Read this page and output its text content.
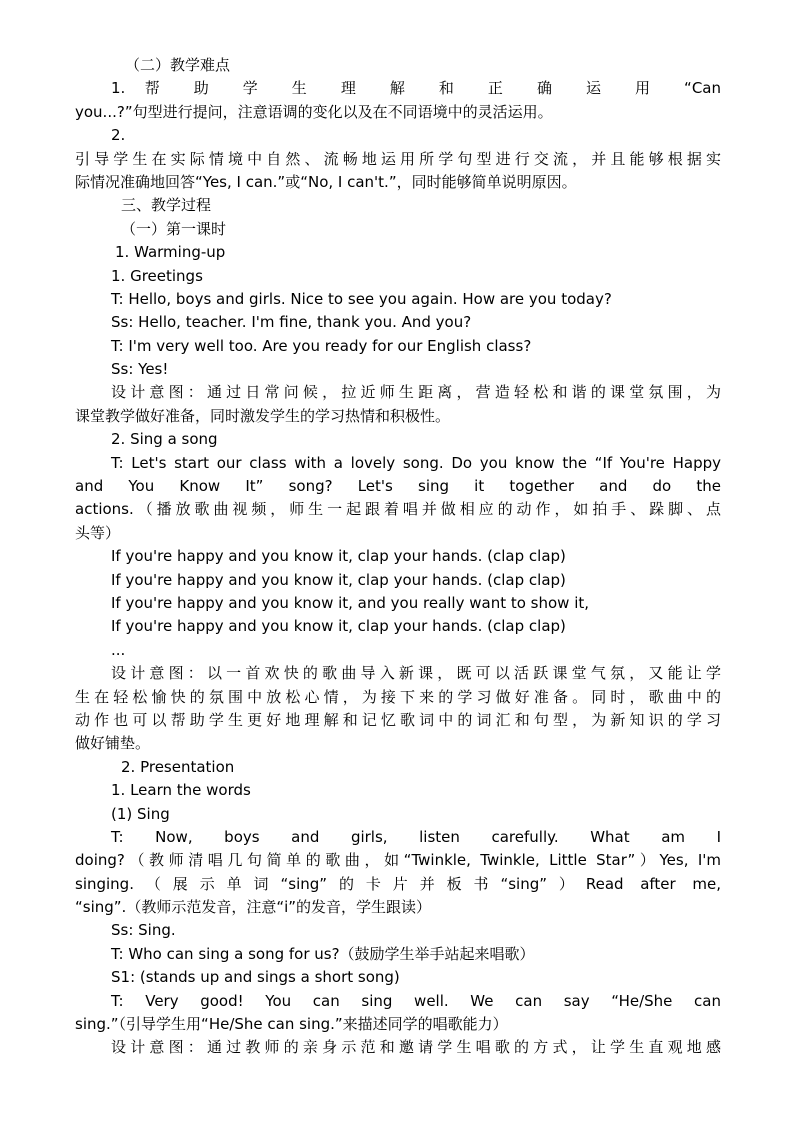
（二）教学难点

1. 帮 助 学 生 理 解 和 正 确 运 用 “Can

you...?”句型进行提问，注意语调的变化以及在不同语境中的灵活运用。

2.

引导学生在实际情境中自然、流畅地运用所学句型进行交流，并且能够根据实

际情况准确地回答“Yes, I can.”或“No, I can't.”，同时能够简单说明原因。

三、教学过程

（一）第一课时

1. Warming-up

1. Greetings

T: Hello, boys and girls. Nice to see you again. How are you today?

Ss: Hello, teacher. I'm fine, thank you. And you?

T: I'm very well too. Are you ready for our English class?

Ss: Yes!

设计意图：通过日常问候，拉近师生距离，营造轻松和谐的课堂氛围，为

课堂教学做好准备，同时激发学生的学习热情和积极性。

2. Sing a song

T: Let's start our class with a lovely song. Do you know the “If You're Happy

and You Know It” song? Let's sing it together and do the

actions.（播放歌曲视频，师生一起跟着唱并做相应的动作，如拍手、跺脚、点

头等）

If you're happy and you know it, clap your hands. (clap clap)

If you're happy and you know it, clap your hands. (clap clap)

If you're happy and you know it, and you really want to show it,

If you're happy and you know it, clap your hands. (clap clap)

...

设计意图：以一首欢快的歌曲导入新课，既可以活跃课堂气氛，又能让学

生在轻松愉快的氛围中放松心情，为接下来的学习做好准备。同时，歌曲中的

动作也可以帮助学生更好地理解和记忆歌词中的词汇和句型，为新知识的学习

做好铺垫。

2. Presentation

1. Learn the words

(1) Sing

T: Now, boys and girls, listen carefully. What am I

doing?（教师清唱几句简单的歌曲，如“Twinkle, Twinkle, Little Star”）Yes, I'm

singing.（展示单词“sing”的卡片并板书“sing”）Read after me,

“sing”.（教师示范发音，注意“i”的发音，学生跟读）

Ss: Sing.

T: Who can sing a song for us?（鼓励学生举手站起来唱歌）

S1: (stands up and sings a short song)

T: Very good! You can sing well. We can say “He/She can

sing.”（引导学生用“He/She can sing.”来描述同学的唱歌能力）

设计意图：通过教师的亲身示范和邀请学生唱歌的方式，让学生直观地感
